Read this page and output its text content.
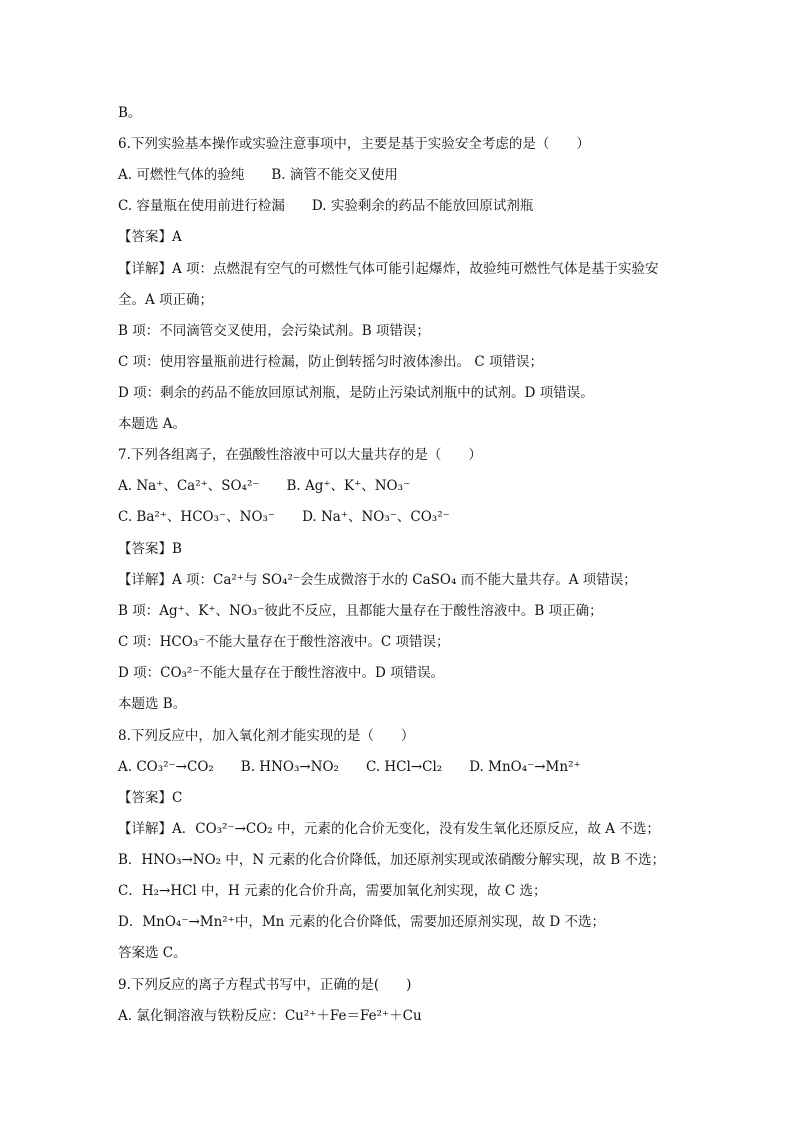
B。
6.下列实验基本操作或实验注意事项中，主要是基于实验安全考虑的是（　　）
A. 可燃性气体的验纯　　B. 滴管不能交叉使用
C. 容量瓶在使用前进行检漏　　D. 实验剩余的药品不能放回原试剂瓶
【答案】A
【详解】A 项：点燃混有空气的可燃性气体可能引起爆炸，故验纯可燃性气体是基于实验安
全。A 项正确；
B 项：不同滴管交叉使用，会污染试剂。B 项错误；
C 项：使用容量瓶前进行检漏，防止倒转摇匀时液体渗出。 C 项错误；
D 项：剩余的药品不能放回原试剂瓶，是防止污染试剂瓶中的试剂。D 项错误。
本题选 A。
7.下列各组离子，在强酸性溶液中可以大量共存的是（　　）
A. Na⁺、Ca²⁺、SO₄²⁻　　B. Ag⁺、K⁺、NO₃⁻
C. Ba²⁺、HCO₃⁻、NO₃⁻　　D. Na⁺、NO₃⁻、CO₃²⁻
【答案】B
【详解】A 项：Ca²⁺与 SO₄²⁻会生成微溶于水的 CaSO₄ 而不能大量共存。A 项错误；
B 项：Ag⁺、K⁺、NO₃⁻彼此不反应，且都能大量存在于酸性溶液中。B 项正确；
C 项：HCO₃⁻不能大量存在于酸性溶液中。C 项错误；
D 项：CO₃²⁻不能大量存在于酸性溶液中。D 项错误。
本题选 B。
8.下列反应中，加入氧化剂才能实现的是（　　）
A. CO₃²⁻→CO₂　　B. HNO₃→NO₂　　C. HCl→Cl₂　　D. MnO₄⁻→Mn²⁺
【答案】C
【详解】A．CO₃²⁻→CO₂ 中，元素的化合价无变化，没有发生氧化还原反应，故 A 不选；
B．HNO₃→NO₂ 中，N 元素的化合价降低，加还原剂实现或浓硝酸分解实现，故 B 不选；
C．H₂→HCl 中，H 元素的化合价升高，需要加氧化剂实现，故 C 选；
D．MnO₄⁻→Mn²⁺中，Mn 元素的化合价降低，需要加还原剂实现，故 D 不选；
答案选 C。
9.下列反应的离子方程式书写中，正确的是(　　)
A. 氯化铜溶液与铁粉反应：Cu²⁺＋Fe＝Fe²⁺＋Cu
